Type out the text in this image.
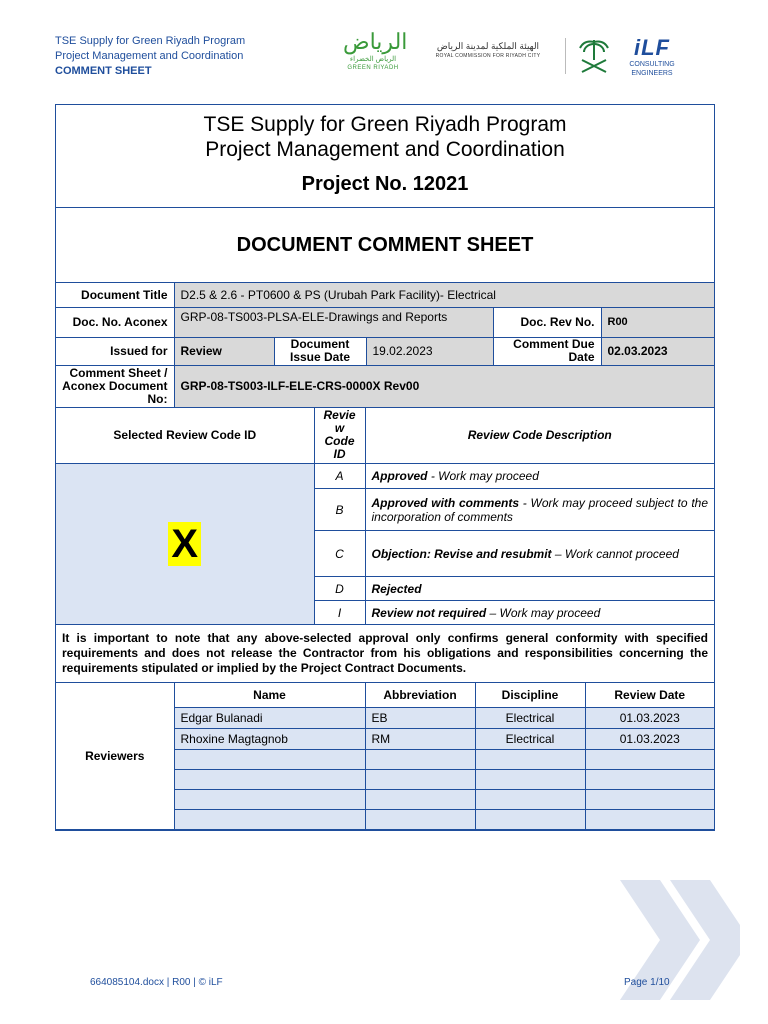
TSE Supply for Green Riyadh Program
Project Management and Coordination
COMMENT SHEET
الرياض
الرياض الخضراء
GREEN RIYADH
الهيئة الملكية لمدينة الرياض
ROYAL COMMISSION FOR RIYADH CITY	iLF
CONSULTING
ENGINEERS
TSE Supply for Green Riyadh Program
Project Management and Coordination
Project No. 12021
DOCUMENT COMMENT SHEET
Document Title	D2.5 & 2.6 - PT0600 & PS (Urubah Park Facility)- Electrical				
Doc. No. Aconex	GRP-08-TS003-PLSA-ELE-Drawings and Reports			Doc. Rev No.	R00
Issued for	Review	Document Issue Date	19.02.2023	Comment Due Date	02.03.2023
Comment Sheet / Aconex Document No:	GRP-08-TS003-ILF-ELE-CRS-0000X Rev00				
Selected Review Code ID	Revie w Code ID	Review Code Description
X	A	Approved - Work may proceed
	B	Approved with comments - Work may proceed subject to the incorporation of comments
	C	Objection: Revise and resubmit – Work cannot proceed
	D	Rejected
	I	Review not required – Work may proceed
It is important to note that any above-selected approval only confirms general conformity with specified requirements and does not release the Contractor from his obligations and responsibilities concerning the requirements stipulated or implied by the Project Contract Documents.
Reviewers	Name	Abbreviation	Discipline	Review Date
	Edgar Bulanadi	EB	Electrical	01.03.2023
	Rhoxine Magtagnob	RM	Electrical	01.03.2023

664085104.docx | R00 | © iLF	Page 1/10
